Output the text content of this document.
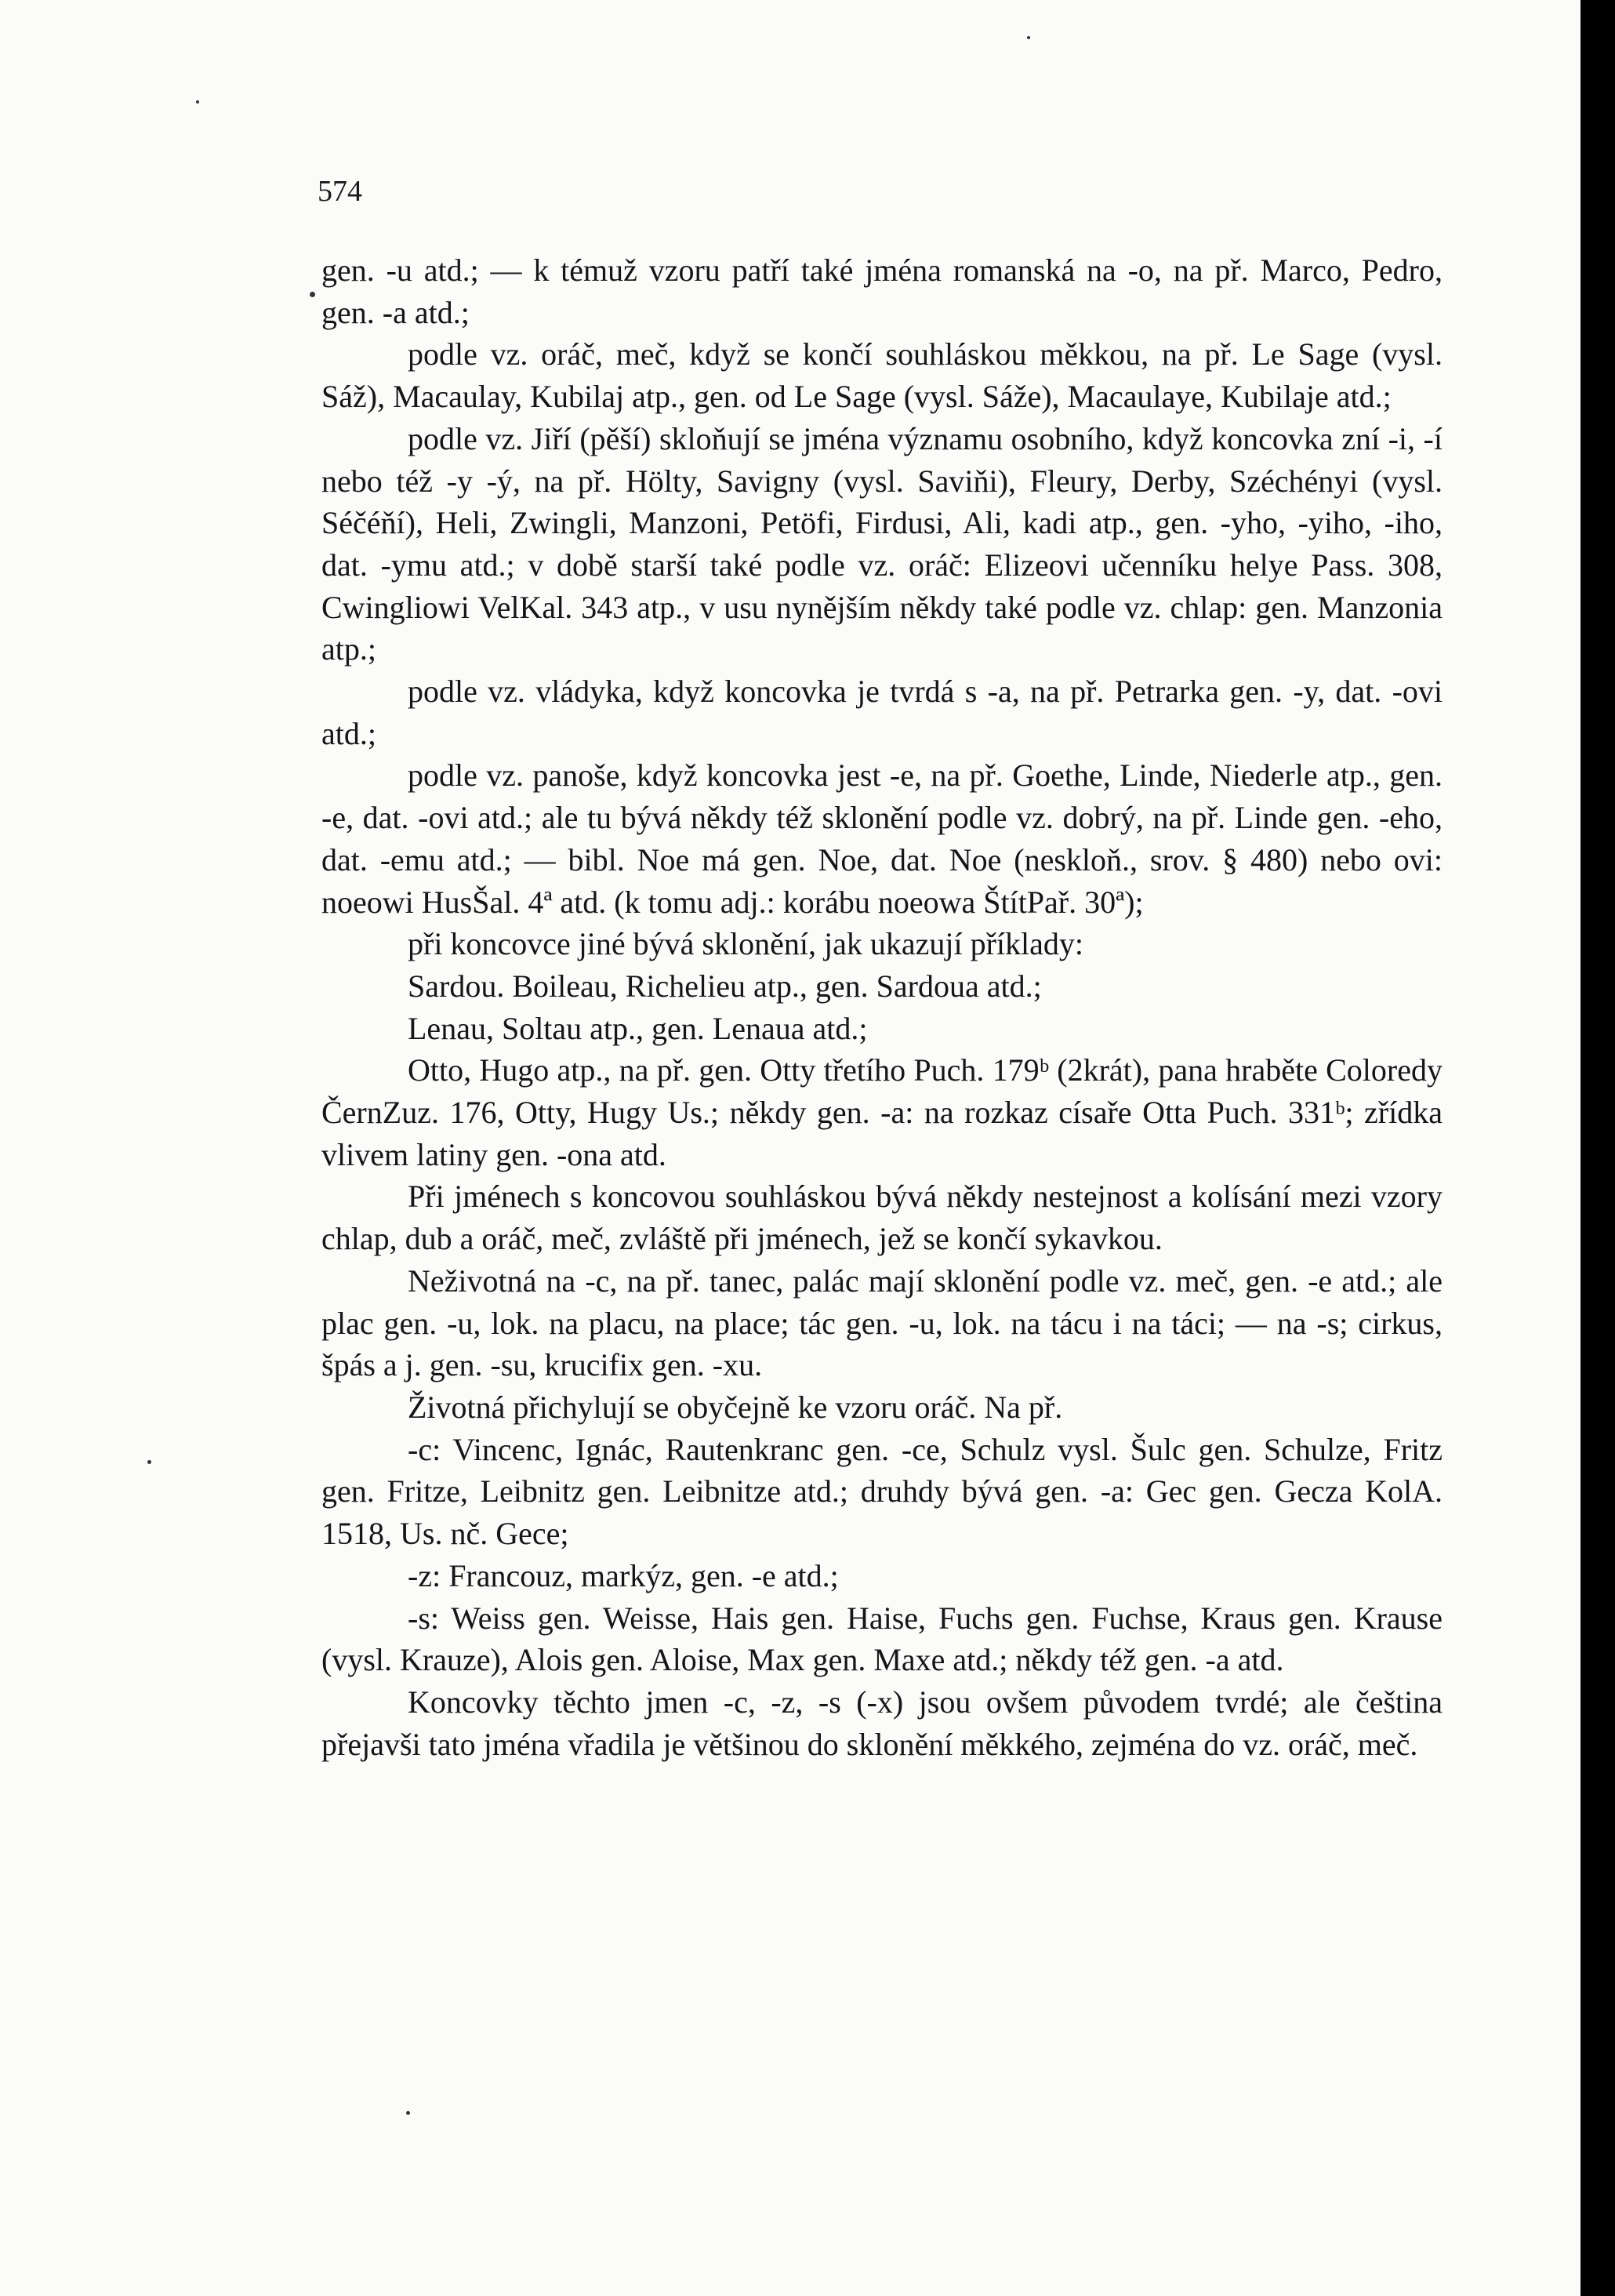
574

gen. -u atd.; — k témuž vzoru patří také jména romanská na -o, na př. Marco, Pedro, gen. -a atd.;

podle vz. oráč, meč, když se končí souhláskou měkkou, na př. Le Sage (vysl. Sáž), Macaulay, Kubilaj atp., gen. od Le Sage (vysl. Sáže), Macaulaye, Kubilaje atd.;

podle vz. Jiří (pěší) skloňují se jména významu osobního, když koncovka zní -i, -í nebo též -y -ý, na př. Hölty, Savigny (vysl. Saviňi), Fleury, Derby, Széchényi (vysl. Séčéňí), Heli, Zwingli, Manzoni, Petöfi, Firdusi, Ali, kadi atp., gen. -yho, -yiho, -iho, dat. -ymu atd.; v době starší také podle vz. oráč: Elizeovi učenníku helye Pass. 308, Cwingliowi VelKal. 343 atp., v usu nynějším někdy také podle vz. chlap: gen. Manzonia atp.;

podle vz. vládyka, když koncovka je tvrdá s -a, na př. Petrarka gen. -y, dat. -ovi atd.;

podle vz. panoše, když koncovka jest -e, na př. Goethe, Linde, Niederle atp., gen. -e, dat. -ovi atd.; ale tu bývá někdy též sklonění podle vz. dobrý, na př. Linde gen. -eho, dat. -emu atd.; — bibl. Noe má gen. Noe, dat. Noe (neskloň., srov. § 480) nebo ovi: noeowi HusŠal. 4ª atd. (k tomu adj.: korábu noeowa ŠtítPař. 30ª);

při koncovce jiné bývá sklonění, jak ukazují příklady:

Sardou. Boileau, Richelieu atp., gen. Sardoua atd.;

Lenau, Soltau atp., gen. Lenaua atd.;

Otto, Hugo atp., na př. gen. Otty třetího Puch. 179ᵇ (2krát), pana hraběte Coloredy ČernZuz. 176, Otty, Hugy Us.; někdy gen. -a: na rozkaz císaře Otta Puch. 331ᵇ; zřídka vlivem latiny gen. -ona atd.

Při jménech s koncovou souhláskou bývá někdy nestejnost a kolísání mezi vzory chlap, dub a oráč, meč, zvláště při jménech, jež se končí sykavkou.

Neživotná na -c, na př. tanec, palác mají sklonění podle vz. meč, gen. -e atd.; ale plac gen. -u, lok. na placu, na place; tác gen. -u, lok. na tácu i na táci; — na -s; cirkus, špás a j. gen. -su, krucifix gen. -xu.

Životná přichylují se obyčejně ke vzoru oráč. Na př.

-c: Vincenc, Ignác, Rautenkranc gen. -ce, Schulz vysl. Šulc gen. Schulze, Fritz gen. Fritze, Leibnitz gen. Leibnitze atd.; druhdy bývá gen. -a: Gec gen. Gecza KolA. 1518, Us. nč. Gece;

-z: Francouz, markýz, gen. -e atd.;

-s: Weiss gen. Weisse, Hais gen. Haise, Fuchs gen. Fuchse, Kraus gen. Krause (vysl. Krauze), Alois gen. Aloise, Max gen. Maxe atd.; někdy též gen. -a atd.

Koncovky těchto jmen -c, -z, -s (-x) jsou ovšem původem tvrdé; ale čeština přejavši tato jména vřadila je většinou do sklonění měkkého, zejména do vz. oráč, meč.
